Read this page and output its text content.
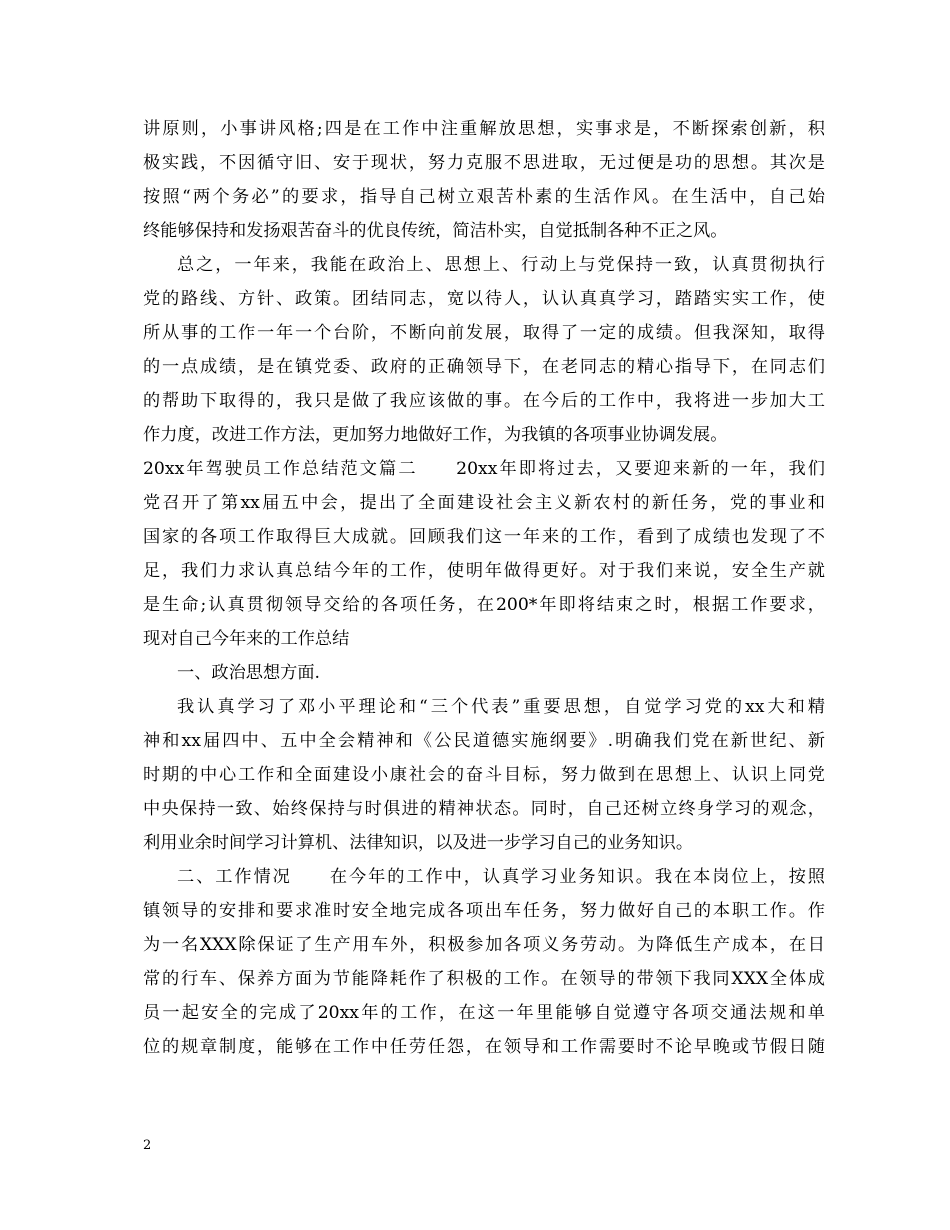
讲原则，小事讲风格;四是在工作中注重解放思想，实事求是，不断探索创新，积
极实践，不因循守旧、安于现状，努力克服不思进取，无过便是功的思想。其次是
按照“两个务必”的要求，指导自己树立艰苦朴素的生活作风。在生活中，自己始
终能够保持和发扬艰苦奋斗的优良传统，简洁朴实，自觉抵制各种不正之风。
总之，一年来，我能在政治上、思想上、行动上与党保持一致，认真贯彻执行
党的路线、方针、政策。团结同志，宽以待人，认认真真学习，踏踏实实工作，使
所从事的工作一年一个台阶，不断向前发展，取得了一定的成绩。但我深知，取得
的一点成绩，是在镇党委、政府的正确领导下，在老同志的精心指导下，在同志们
的帮助下取得的，我只是做了我应该做的事。在今后的工作中，我将进一步加大工
作力度，改进工作方法，更加努力地做好工作，为我镇的各项事业协调发展。
20xx年驾驶员工作总结范文篇二　　20xx年即将过去，又要迎来新的一年，我们
党召开了第xx届五中会，提出了全面建设社会主义新农村的新任务，党的事业和
国家的各项工作取得巨大成就。回顾我们这一年来的工作，看到了成绩也发现了不
足，我们力求认真总结今年的工作，使明年做得更好。对于我们来说，安全生产就
是生命;认真贯彻领导交给的各项任务，在200*年即将结束之时，根据工作要求，
现对自己今年来的工作总结
一、政治思想方面.
我认真学习了邓小平理论和“三个代表”重要思想，自觉学习党的xx大和精
神和xx届四中、五中全会精神和《公民道德实施纲要》.明确我们党在新世纪、新
时期的中心工作和全面建设小康社会的奋斗目标，努力做到在思想上、认识上同党
中央保持一致、始终保持与时俱进的精神状态。同时，自己还树立终身学习的观念，
利用业余时间学习计算机、法律知识，以及进一步学习自己的业务知识。
二、工作情况　　在今年的工作中，认真学习业务知识。我在本岗位上，按照
镇领导的安排和要求准时安全地完成各项出车任务，努力做好自己的本职工作。作
为一名XXX除保证了生产用车外，积极参加各项义务劳动。为降低生产成本，在日
常的行车、保养方面为节能降耗作了积极的工作。在领导的带领下我同XXX全体成
员一起安全的完成了20xx年的工作，在这一年里能够自觉遵守各项交通法规和单
位的规章制度，能够在工作中任劳任怨，在领导和工作需要时不论早晚或节假日随
2
